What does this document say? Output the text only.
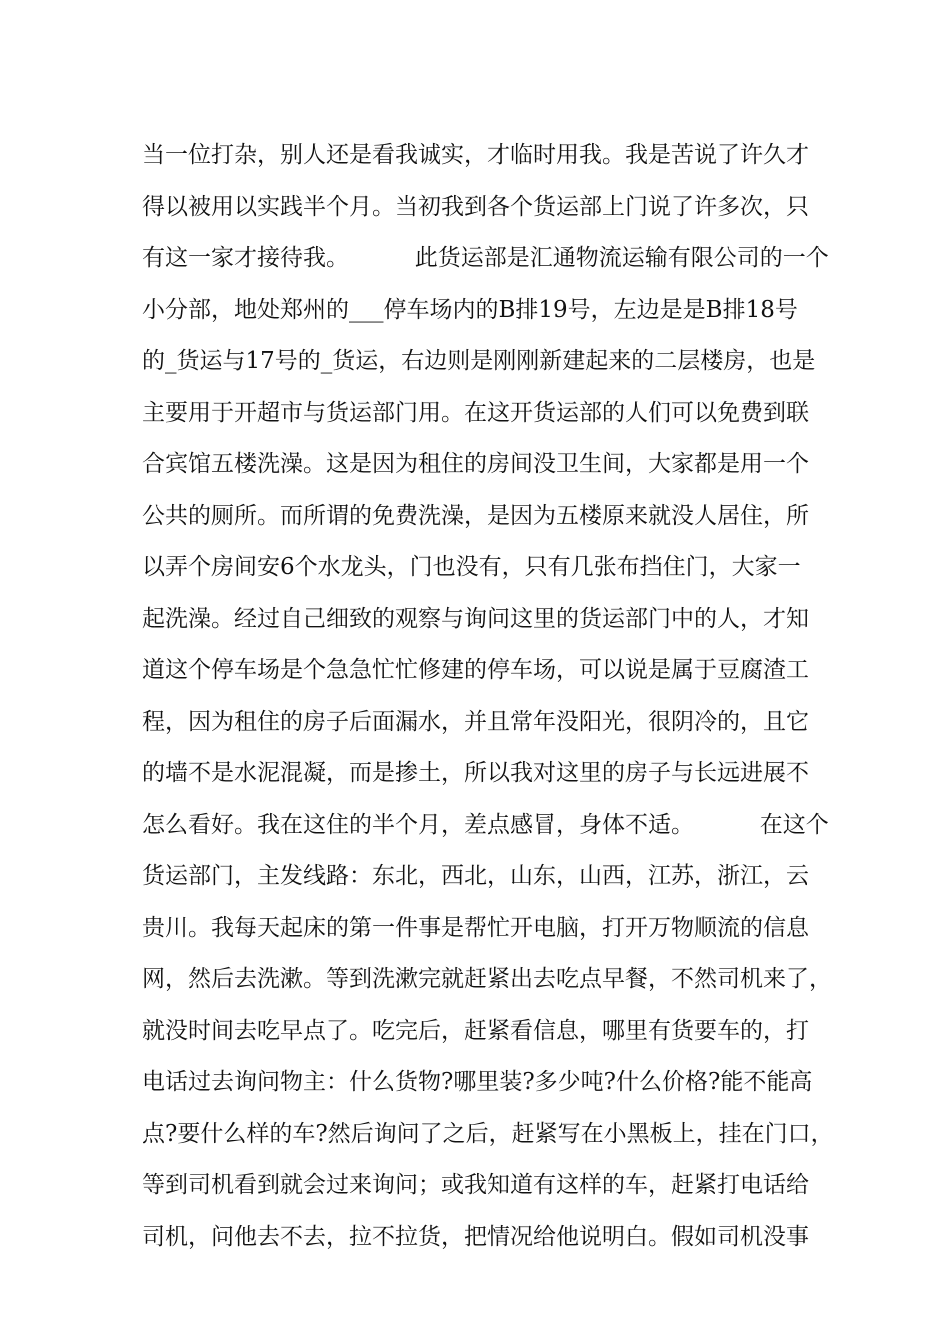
当一位打杂，别人还是看我诚实，才临时用我。我是苦说了许久才
得以被用以实践半个月。当初我到各个货运部上门说了许多次，只
有这一家才接待我。         此货运部是汇通物流运输有限公司的一个
小分部，地处郑州的___停车场内的B排19号，左边是是B排18号
的_货运与17号的_货运，右边则是刚刚新建起来的二层楼房，也是
主要用于开超市与货运部门用。在这开货运部的人们可以免费到联
合宾馆五楼洗澡。这是因为租住的房间没卫生间，大家都是用一个
公共的厕所。而所谓的免费洗澡，是因为五楼原来就没人居住，所
以弄个房间安6个水龙头，门也没有，只有几张布挡住门，大家一
起洗澡。经过自己细致的观察与询问这里的货运部门中的人，才知
道这个停车场是个急急忙忙修建的停车场，可以说是属于豆腐渣工
程，因为租住的房子后面漏水，并且常年没阳光，很阴冷的，且它
的墙不是水泥混凝，而是掺土，所以我对这里的房子与长远进展不
怎么看好。我在这住的半个月，差点感冒，身体不适。         在这个
货运部门，主发线路：东北，西北，山东，山西，江苏，浙江，云
贵川。我每天起床的第一件事是帮忙开电脑，打开万物顺流的信息
网，然后去洗漱。等到洗漱完就赶紧出去吃点早餐，不然司机来了，
就没时间去吃早点了。吃完后，赶紧看信息，哪里有货要车的，打
电话过去询问物主：什么货物?哪里装?多少吨?什么价格?能不能高
点?要什么样的车?然后询问了之后，赶紧写在小黑板上，挂在门口，
等到司机看到就会过来询问；或我知道有这样的车，赶紧打电话给
司机，问他去不去，拉不拉货，把情况给他说明白。假如司机没事
